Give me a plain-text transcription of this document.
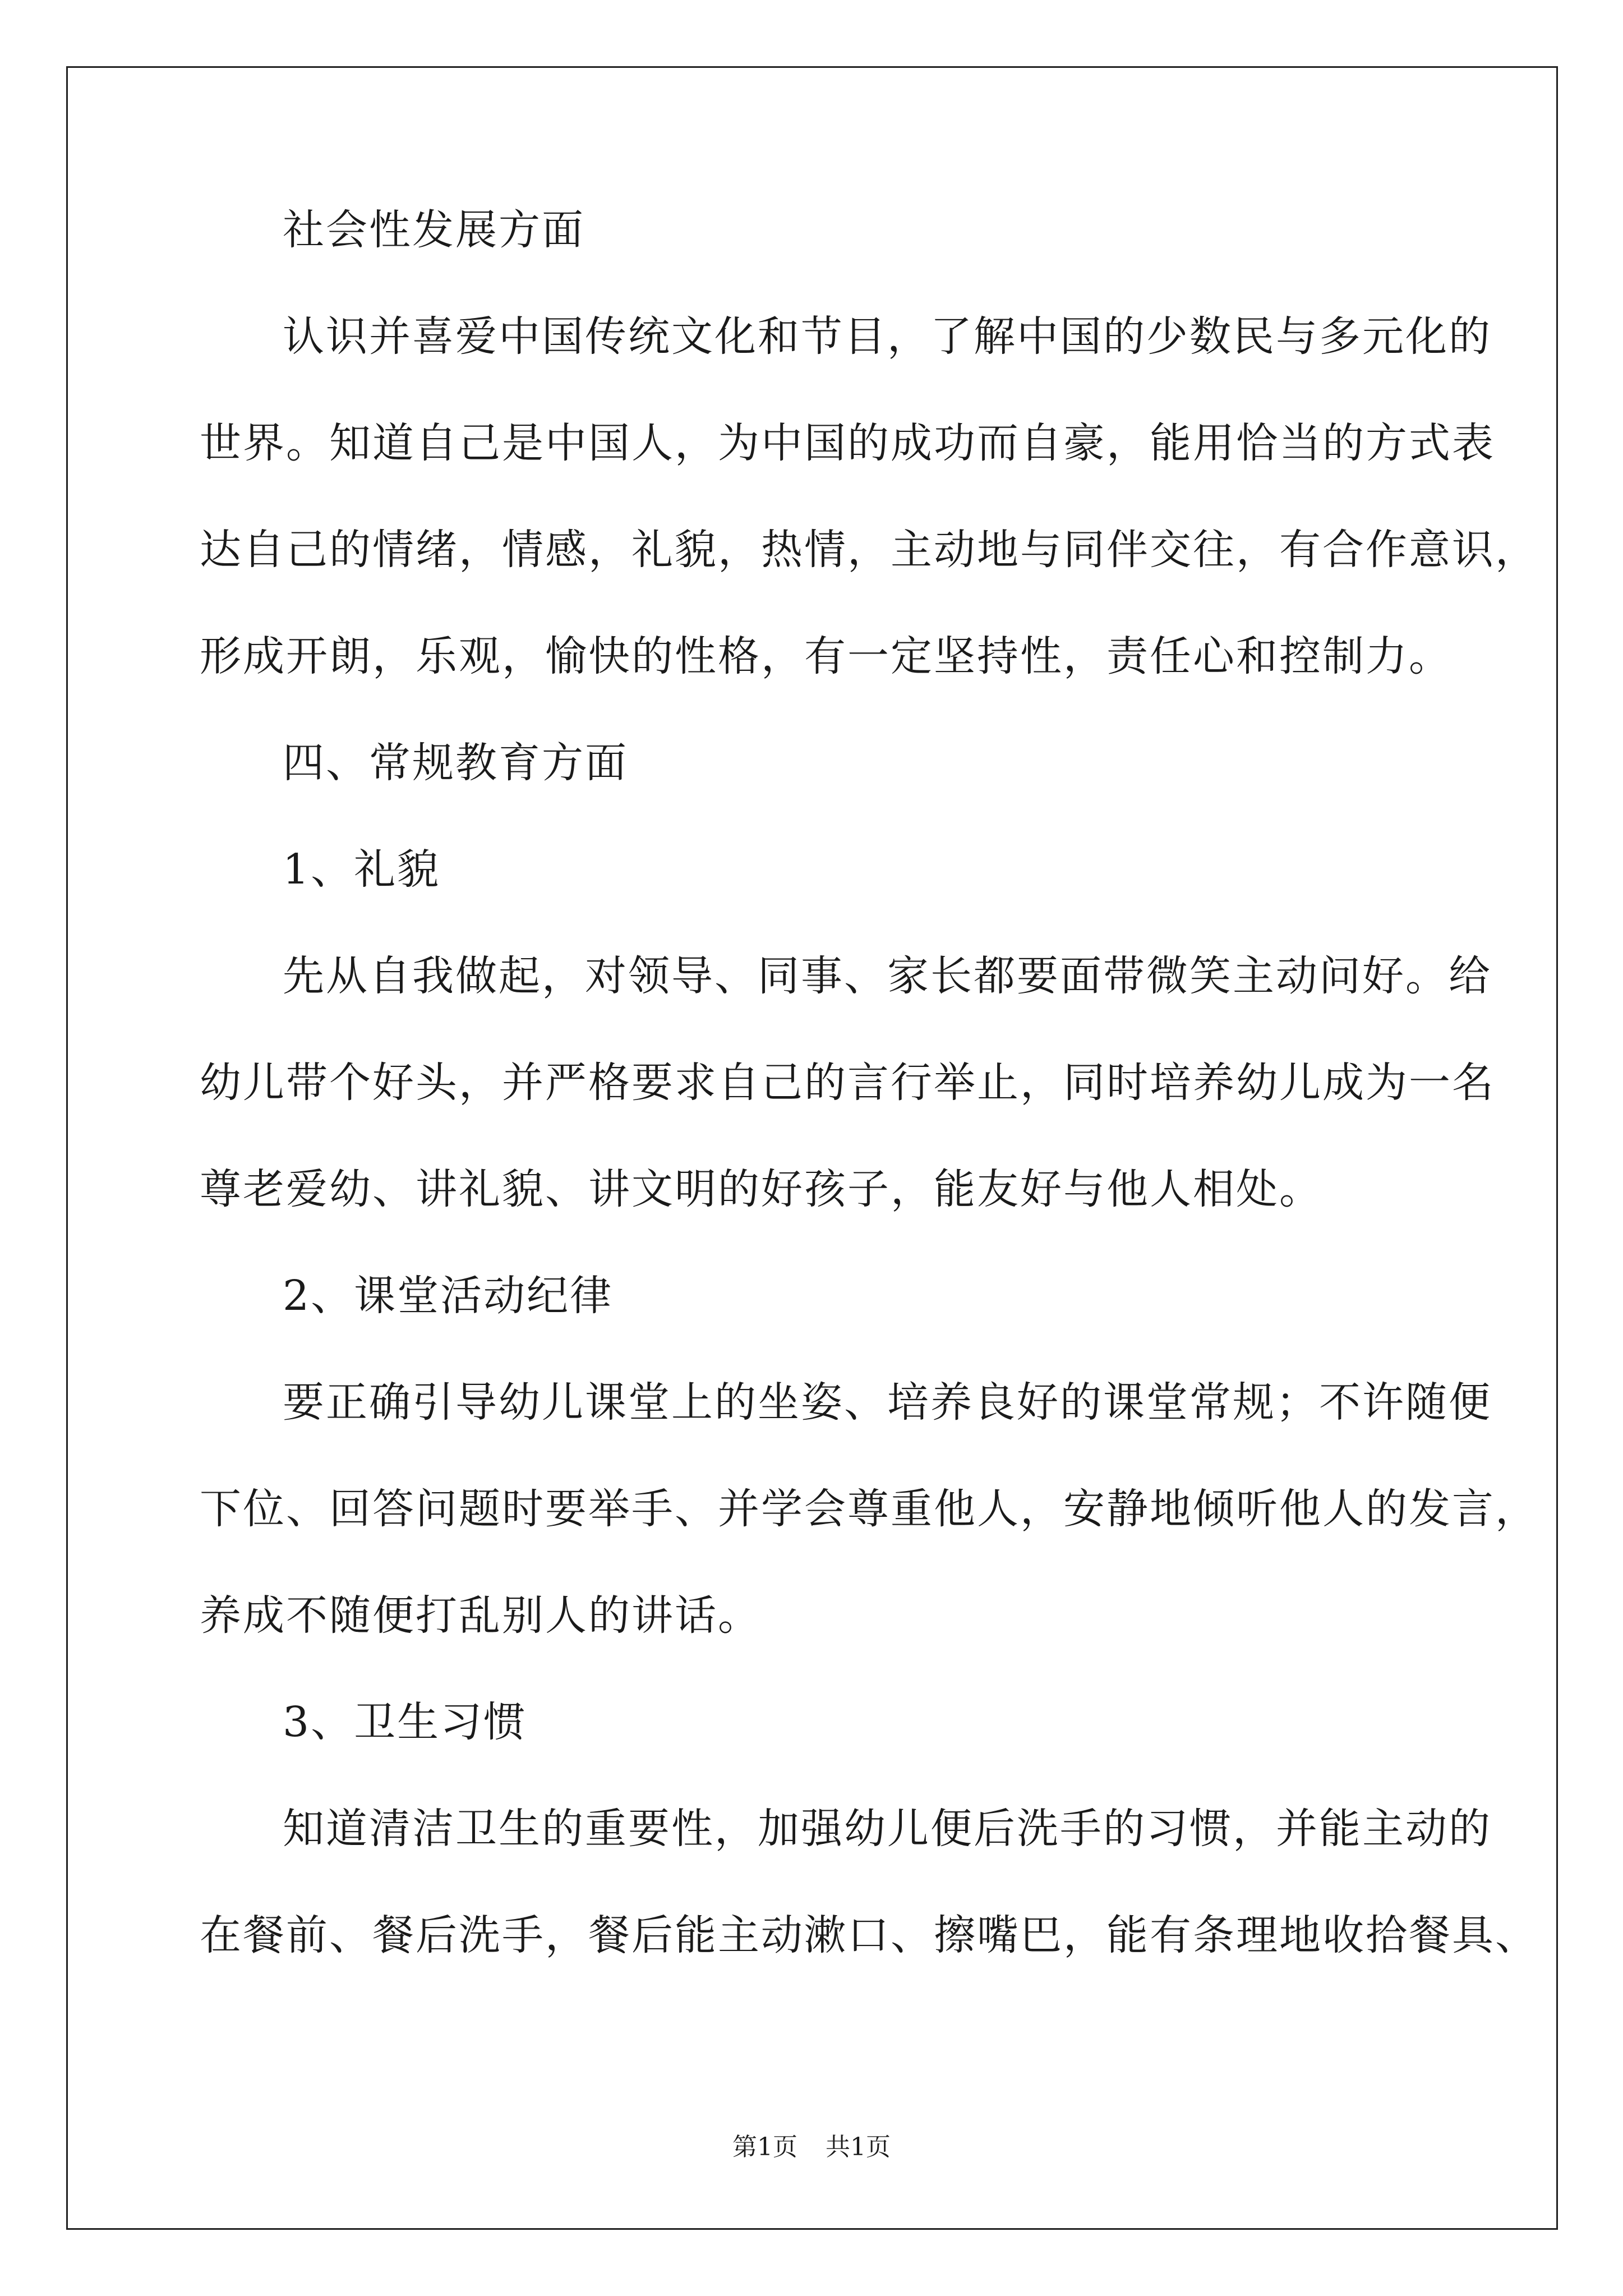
社会性发展方面
认识并喜爱中国传统文化和节目，了解中国的少数民与多元化的
世界。知道自己是中国人，为中国的成功而自豪，能用恰当的方式表
达自己的情绪，情感，礼貌，热情，主动地与同伴交往，有合作意识，
形成开朗，乐观，愉快的性格，有一定坚持性，责任心和控制力。
四、常规教育方面
1、礼貌
先从自我做起，对领导、同事、家长都要面带微笑主动问好。给
幼儿带个好头，并严格要求自己的言行举止，同时培养幼儿成为一名
尊老爱幼、讲礼貌、讲文明的好孩子，能友好与他人相处。
2、课堂活动纪律
要正确引导幼儿课堂上的坐姿、培养良好的课堂常规；不许随便
下位、回答问题时要举手、并学会尊重他人，安静地倾听他人的发言，
养成不随便打乱别人的讲话。
3、卫生习惯
知道清洁卫生的重要性，加强幼儿便后洗手的习惯，并能主动的
在餐前、餐后洗手，餐后能主动漱口、擦嘴巴，能有条理地收拾餐具、
第1页 共1页
